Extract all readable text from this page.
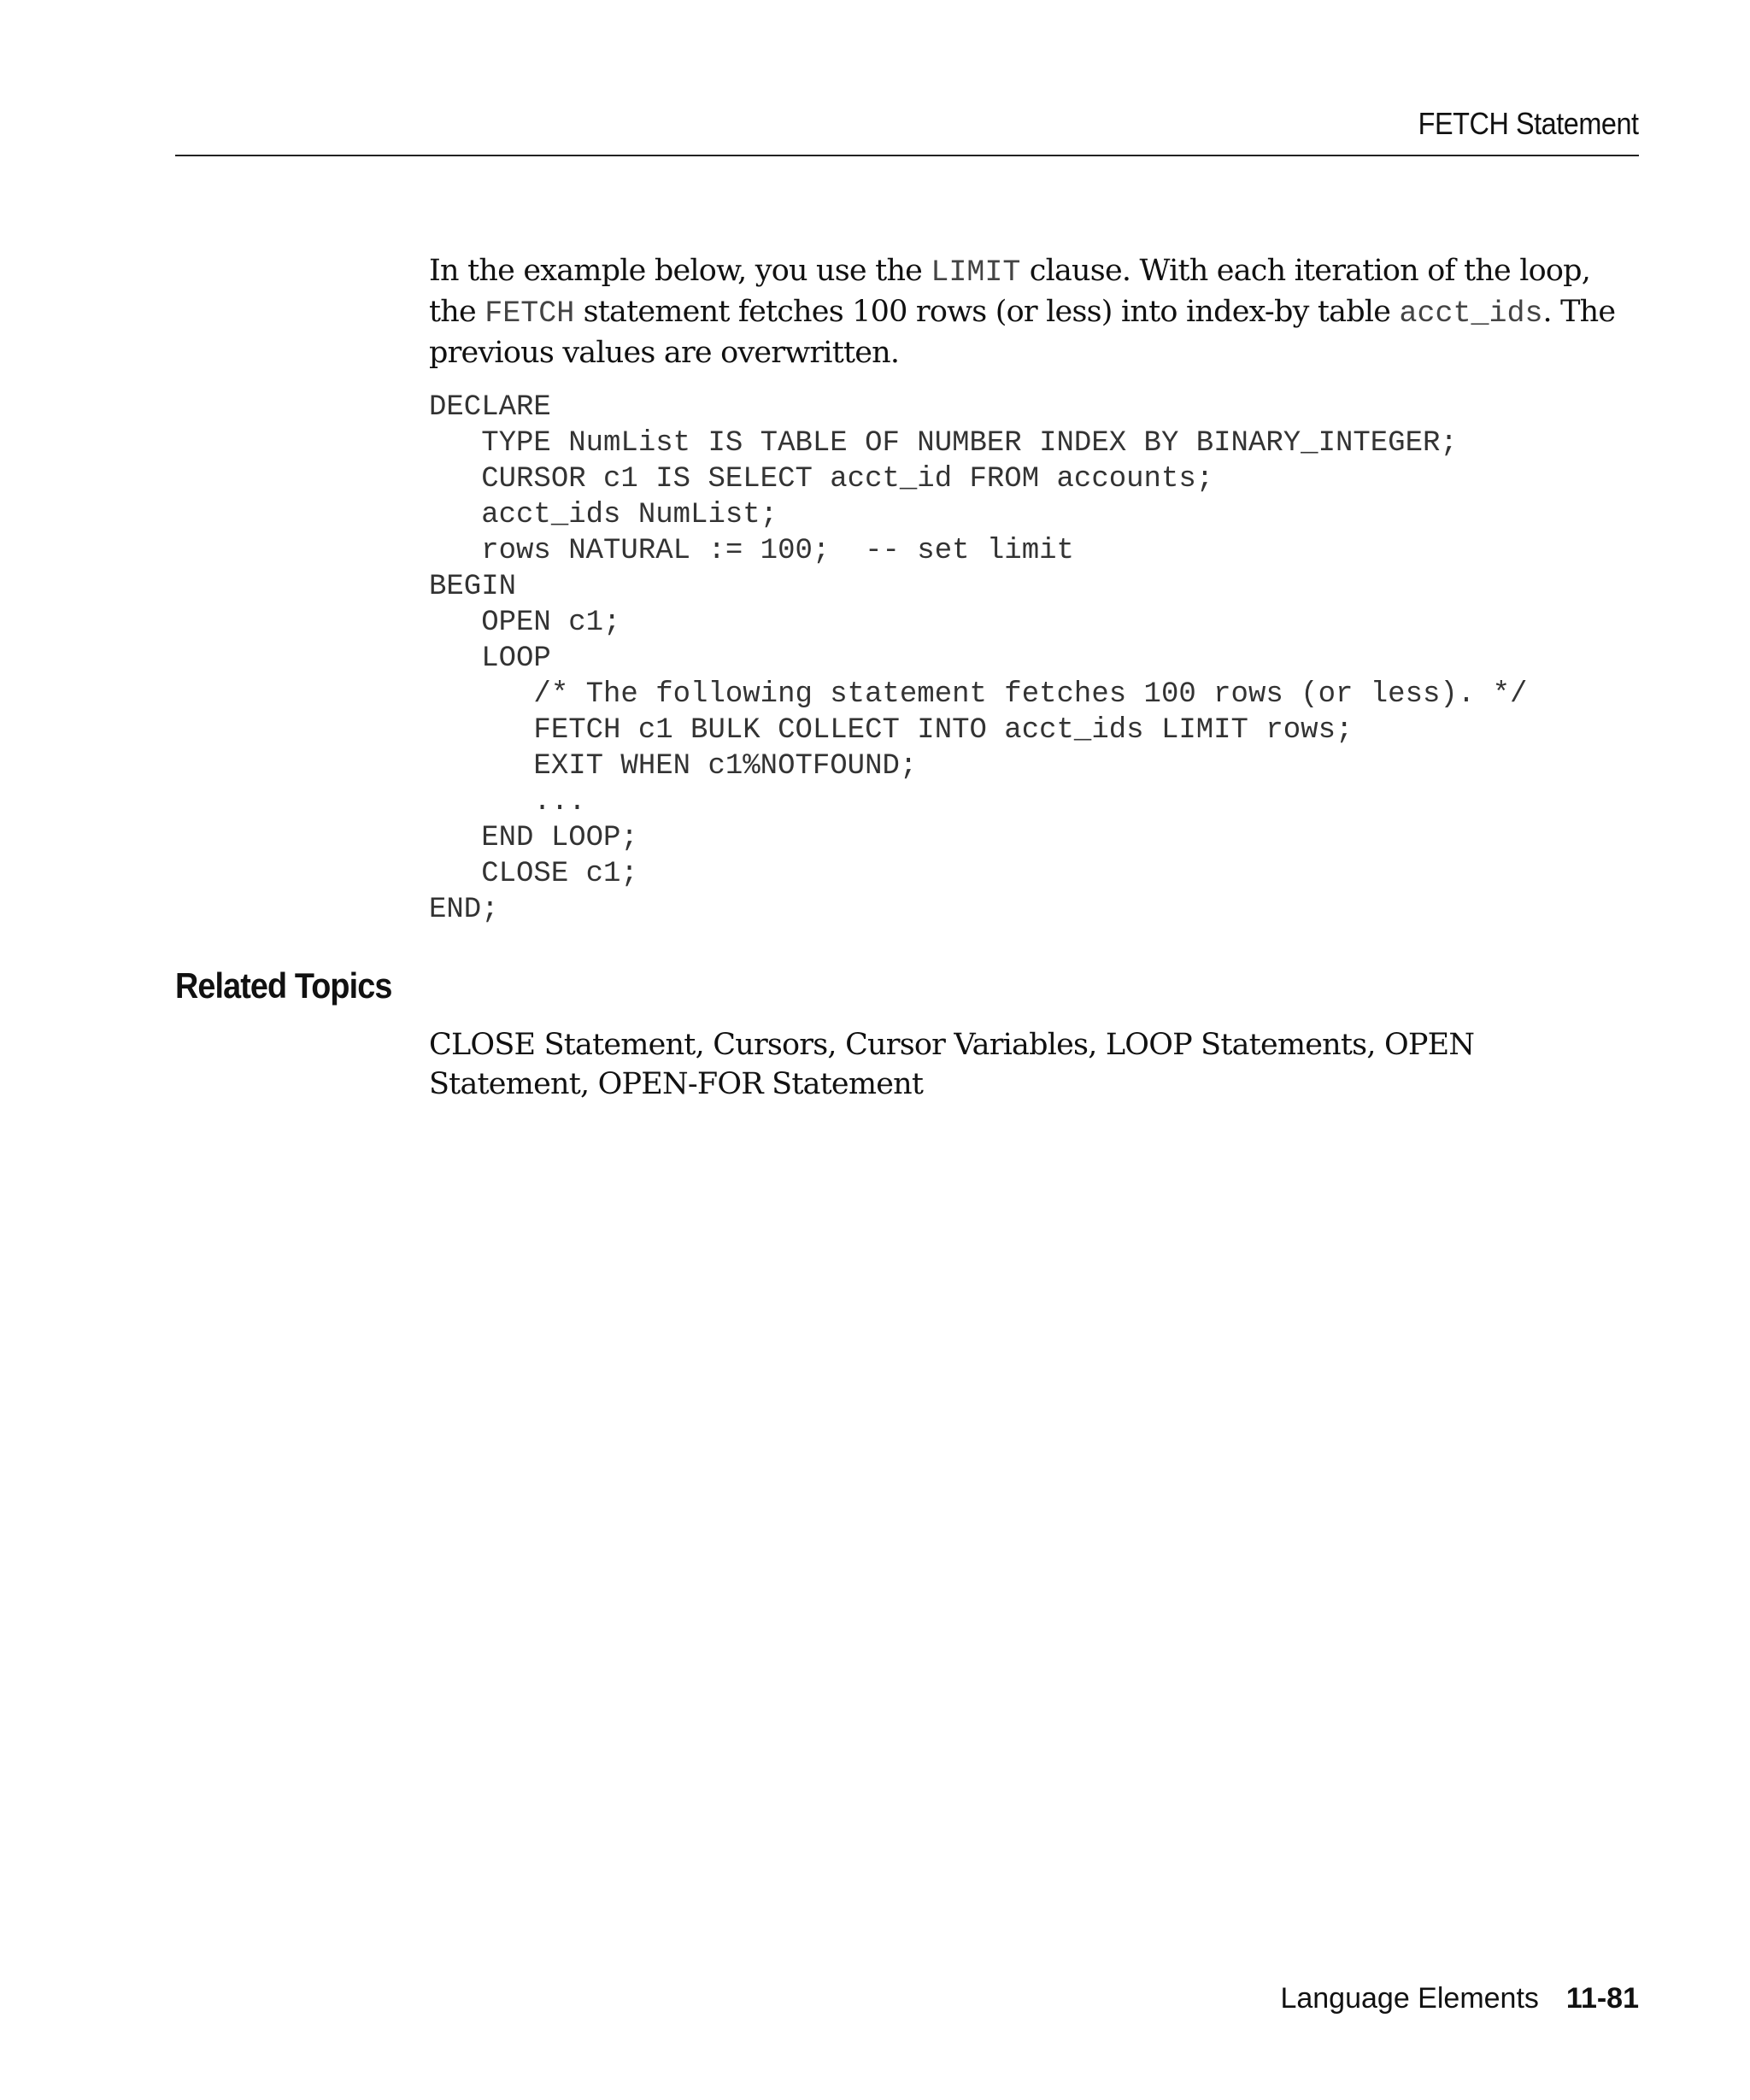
FETCH Statement

In the example below, you use the LIMIT clause. With each iteration of the loop, the FETCH statement fetches 100 rows (or less) into index-by table acct_ids. The previous values are overwritten.

DECLARE
TYPE NumList IS TABLE OF NUMBER INDEX BY BINARY_INTEGER;
CURSOR c1 IS SELECT acct_id FROM accounts;
acct_ids NumList;
rows NATURAL := 100;  -- set limit
BEGIN
OPEN c1;
LOOP
/* The following statement fetches 100 rows (or less). */
FETCH c1 BULK COLLECT INTO acct_ids LIMIT rows;
EXIT WHEN c1%NOTFOUND;
...
END LOOP;
CLOSE c1;
END;
Related Topics

CLOSE Statement, Cursors, Cursor Variables, LOOP Statements, OPEN Statement, OPEN-FOR Statement

Language Elements 11-81
